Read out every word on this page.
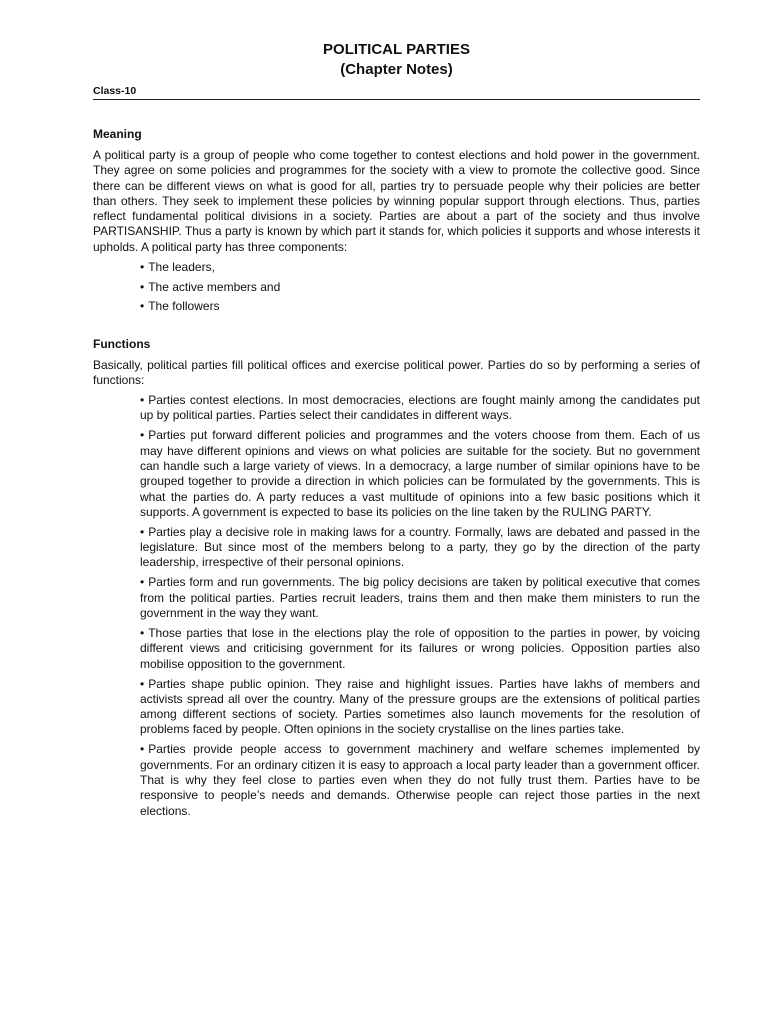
POLITICAL PARTIES
(Chapter Notes)
Class-10
Meaning

A political party is a group of people who come together to contest elections and hold power in the government. They agree on some policies and programmes for the society with a view to promote the collective good. Since there can be different views on what is good for all, parties try to persuade people why their policies are better than others. They seek to implement these policies by winning popular support through elections. Thus, parties reflect fundamental political divisions in a society. Parties are about a part of the society and thus involve PARTISANSHIP. Thus a party is known by which part it stands for, which policies it supports and whose interests it upholds. A political party has three components:

• The leaders,
• The active members and
• The followers
Functions

Basically, political parties fill political offices and exercise political power. Parties do so by performing a series of functions:

• Parties contest elections. In most democracies, elections are fought mainly among the candidates put up by political parties. Parties select their candidates in different ways.
• Parties put forward different policies and programmes and the voters choose from them. Each of us may have different opinions and views on what policies are suitable for the society. But no government can handle such a large variety of views. In a democracy, a large number of similar opinions have to be grouped together to provide a direction in which policies can be formulated by the governments. This is what the parties do. A party reduces a vast multitude of opinions into a few basic positions which it supports. A government is expected to base its policies on the line taken by the RULING PARTY.
• Parties play a decisive role in making laws for a country. Formally, laws are debated and passed in the legislature. But since most of the members belong to a party, they go by the direction of the party leadership, irrespective of their personal opinions.
• Parties form and run governments. The big policy decisions are taken by political executive that comes from the political parties. Parties recruit leaders, trains them and then make them ministers to run the government in the way they want.
• Those parties that lose in the elections play the role of opposition to the parties in power, by voicing different views and criticising government for its failures or wrong policies. Opposition parties also mobilise opposition to the government.
• Parties shape public opinion. They raise and highlight issues. Parties have lakhs of members and activists spread all over the country. Many of the pressure groups are the extensions of political parties among different sections of society. Parties sometimes also launch movements for the resolution of problems faced by people. Often opinions in the society crystallise on the lines parties take.
• Parties provide people access to government machinery and welfare schemes implemented by governments. For an ordinary citizen it is easy to approach a local party leader than a government officer. That is why they feel close to parties even when they do not fully trust them. Parties have to be responsive to people’s needs and demands. Otherwise people can reject those parties in the next elections.
